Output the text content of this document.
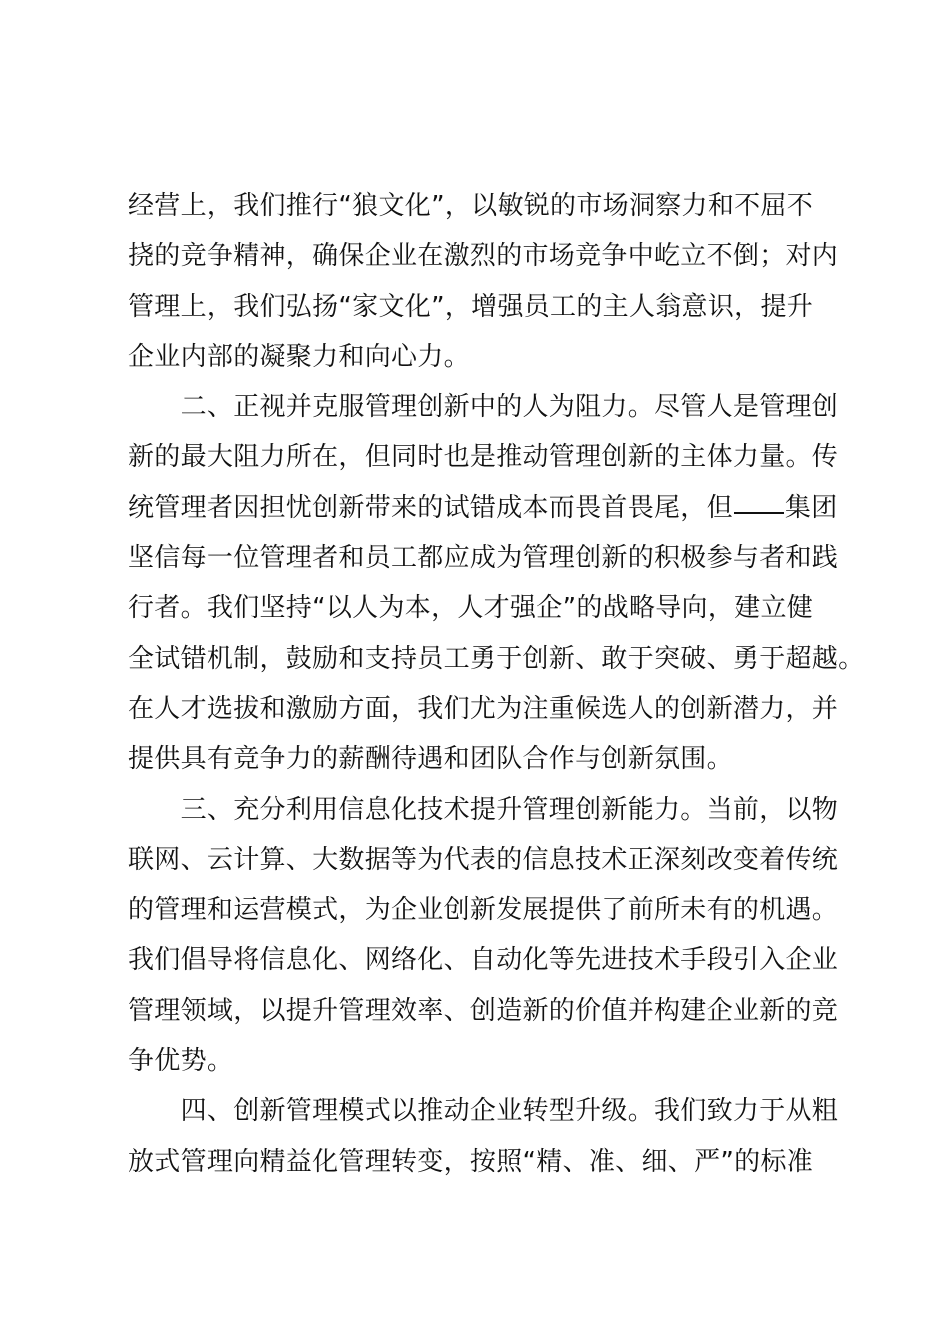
经营上，我们推行“狼文化”，以敏锐的市场洞察力和不屈不
挠的竞争精神，确保企业在激烈的市场竞争中屹立不倒；对内
管理上，我们弘扬“家文化”，增强员工的主人翁意识，提升
企业内部的凝聚力和向心力。
　　二、正视并克服管理创新中的人为阻力。尽管人是管理创
新的最大阻力所在，但同时也是推动管理创新的主体力量。传
统管理者因担忧创新带来的试错成本而畏首畏尾，但 集团
坚信每一位管理者和员工都应成为管理创新的积极参与者和践
行者。我们坚持“以人为本，人才强企”的战略导向，建立健
全试错机制，鼓励和支持员工勇于创新、敢于突破、勇于超越。
在人才选拔和激励方面，我们尤为注重候选人的创新潜力，并
提供具有竞争力的薪酬待遇和团队合作与创新氛围。
　　三、充分利用信息化技术提升管理创新能力。当前，以物
联网、云计算、大数据等为代表的信息技术正深刻改变着传统
的管理和运营模式，为企业创新发展提供了前所未有的机遇。
我们倡导将信息化、网络化、自动化等先进技术手段引入企业
管理领域，以提升管理效率、创造新的价值并构建企业新的竞
争优势。
　　四、创新管理模式以推动企业转型升级。我们致力于从粗
放式管理向精益化管理转变，按照“精、准、细、严”的标准
